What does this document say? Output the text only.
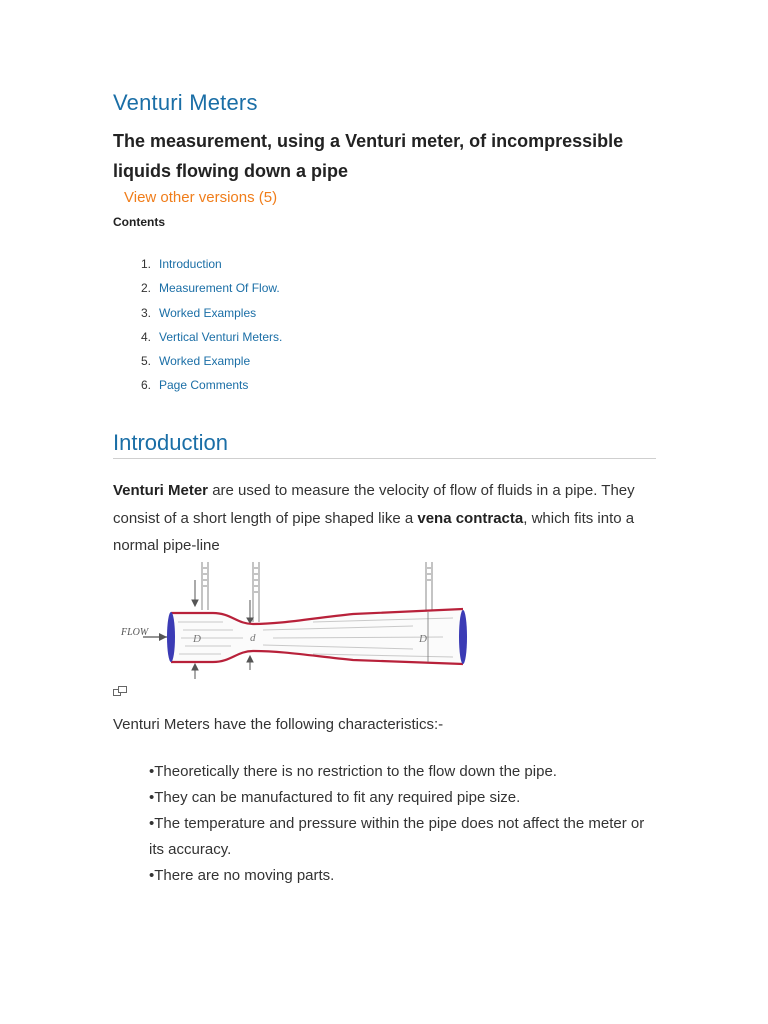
Venturi Meters

The measurement, using a Venturi meter, of incompressible liquids flowing down a pipe

View other versions (5)
Contents
1. Introduction
2. Measurement Of Flow.
3. Worked Examples
4. Vertical Venturi Meters.
5. Worked Example
6. Page Comments
Introduction

Venturi Meter are used to measure the velocity of flow of fluids in a pipe. They consist of a short length of pipe shaped like a vena contracta, which fits into a normal pipe-line

FLOW
D	d	D

Venturi Meters have the following characteristics:-

•Theoretically there is no restriction to the flow down the pipe.
•They can be manufactured to fit any required pipe size.
•The temperature and pressure within the pipe does not affect the meter or its accuracy.
•There are no moving parts.
